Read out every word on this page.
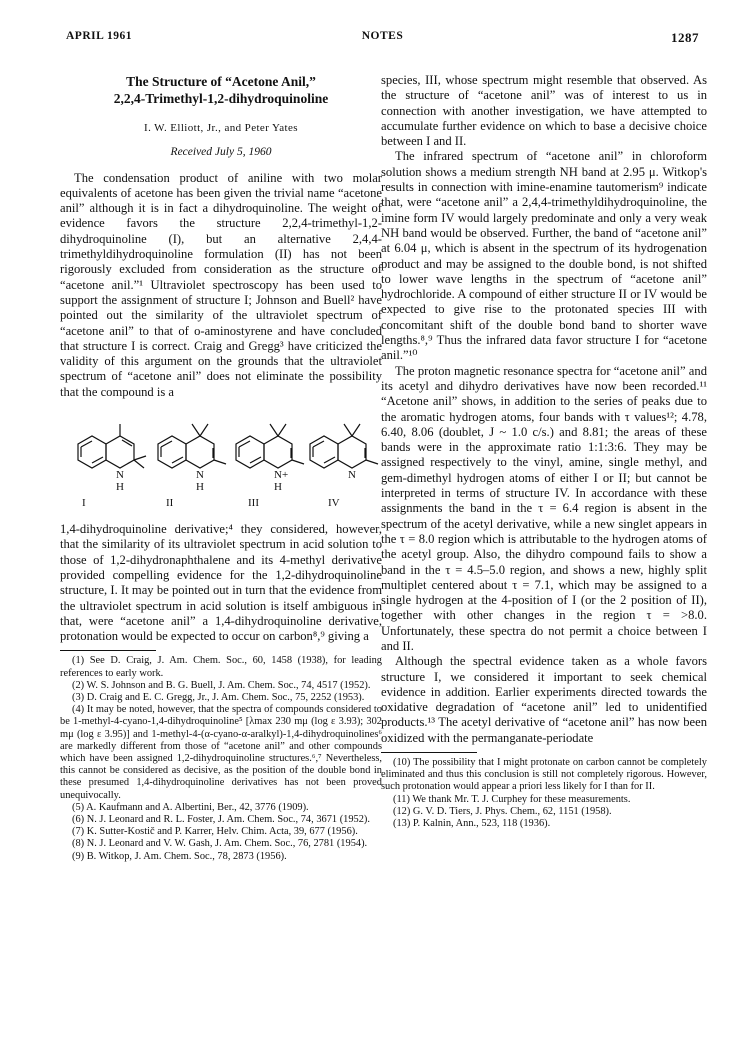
APRIL 1961	NOTES	1287
The Structure of “Acetone Anil,”
2,2,4-Trimethyl-1,2-dihydroquinoline
I. W. Elliott, Jr., and Peter Yates
Received July 5, 1960

The condensation product of aniline with two molar equivalents of acetone has been given the trivial name “acetone anil” although it is in fact a dihydroquinoline. The weight of evidence favors the structure 2,2,4-trimethyl-1,2-dihydroquinoline (I), but an alternative 2,4,4-trimethyldihydroquinoline formulation (II) has not been rigorously excluded from consideration as the structure of “acetone anil.”¹ Ultraviolet spectroscopy has been used to support the assignment of structure I; Johnson and Buell² have pointed out the similarity of the ultraviolet spectrum of “acetone anil” to that of o-aminostyrene and have concluded that structure I is correct. Craig and Gregg³ have criticized the validity of this argument on the grounds that the ultraviolet spectrum of “acetone anil” does not eliminate the possibility that the compound is a

N
H
N
H
N+
H
N
I	II	III	IV

1,4-dihydroquinoline derivative;⁴ they considered, however, that the similarity of its ultraviolet spectrum in acid solution to those of 1,2-dihydronaphthalene and its 4-methyl derivative provided compelling evidence for the 1,2-dihydroquinoline structure, I. It may be pointed out in turn that the evidence from the ultraviolet spectrum in acid solution is itself ambiguous in that, were “acetone anil” a 1,4-dihydroquinoline derivative, protonation would be expected to occur on carbon⁸,⁹ giving a

(1) See D. Craig, J. Am. Chem. Soc., 60, 1458 (1938), for leading references to early work.

(2) W. S. Johnson and B. G. Buell, J. Am. Chem. Soc., 74, 4517 (1952).

(3) D. Craig and E. C. Gregg, Jr., J. Am. Chem. Soc., 75, 2252 (1953).

(4) It may be noted, however, that the spectra of compounds considered to be 1-methyl-4-cyano-1,4-dihydroquinoline⁵ [λmax 230 mμ (log ε 3.93); 302 mμ (log ε 3.95)] and 1-methyl-4-(α-cyano-α-aralkyl)-1,4-dihydroquinolines⁶ are markedly different from those of “acetone anil” and other compounds which have been assigned 1,2-dihydroquinoline structures.⁶,⁷ Nevertheless, this cannot be considered as decisive, as the position of the double bond in these presumed 1,4-dihydroquinoline derivatives has not been proved unequivocally.

(5) A. Kaufmann and A. Albertini, Ber., 42, 3776 (1909).

(6) N. J. Leonard and R. L. Foster, J. Am. Chem. Soc., 74, 3671 (1952).

(7) K. Sutter-Kostič and P. Karrer, Helv. Chim. Acta, 39, 677 (1956).

(8) N. J. Leonard and V. W. Gash, J. Am. Chem. Soc., 76, 2781 (1954).

(9) B. Witkop, J. Am. Chem. Soc., 78, 2873 (1956).

species, III, whose spectrum might resemble that observed. As the structure of “acetone anil” was of interest to us in connection with another investigation, we have attempted to accumulate further evidence on which to base a decisive choice between I and II.

The infrared spectrum of “acetone anil” in chloroform solution shows a medium strength NH band at 2.95 μ. Witkop's results in connection with imine-enamine tautomerism⁹ indicate that, were “acetone anil” a 2,4,4-trimethyldihydroquinoline, the imine form IV would largely predominate and only a very weak NH band would be observed. Further, the band of “acetone anil” at 6.04 μ, which is absent in the spectrum of its hydrogenation product and may be assigned to the double bond, is not shifted to lower wave lengths in the spectrum of “acetone anil” hydrochloride. A compound of either structure II or IV would be expected to give rise to the protonated species III with concomitant shift of the double bond band to shorter wave lengths.⁸,⁹ Thus the infrared data favor structure I for “acetone anil.”¹⁰

The proton magnetic resonance spectra for “acetone anil” and its acetyl and dihydro derivatives have now been recorded.¹¹ “Acetone anil” shows, in addition to the series of peaks due to the aromatic hydrogen atoms, four bands with τ values¹²; 4.78, 6.40, 8.06 (doublet, J ~ 1.0 c/s.) and 8.81; the areas of these bands were in the approximate ratio 1:1:3:6. They may be assigned respectively to the vinyl, amine, single methyl, and gem-dimethyl hydrogen atoms of either I or II; but cannot be interpreted in terms of structure IV. In accordance with these assignments the band in the τ = 6.4 region is absent in the spectrum of the acetyl derivative, while a new singlet appears in the τ = 8.0 region which is attributable to the hydrogen atoms of the acetyl group. Also, the dihydro compound fails to show a band in the τ = 4.5–5.0 region, and shows a new, highly split multiplet centered about τ = 7.1, which may be assigned to a single hydrogen at the 4-position of I (or the 2 position of II), together with other changes in the region τ = >8.0. Unfortunately, these spectra do not permit a choice between I and II.

Although the spectral evidence taken as a whole favors structure I, we considered it important to seek chemical evidence in addition. Earlier experiments directed towards the oxidative degradation of “acetone anil” led to unidentified products.¹³ The acetyl derivative of “acetone anil” has now been oxidized with the permanganate-periodate

(10) The possibility that I might protonate on carbon cannot be completely eliminated and thus this conclusion is still not completely rigorous. However, such protonation would appear a priori less likely for I than for II.

(11) We thank Mr. T. J. Curphey for these measurements.

(12) G. V. D. Tiers, J. Phys. Chem., 62, 1151 (1958).

(13) P. Kalnin, Ann., 523, 118 (1936).
